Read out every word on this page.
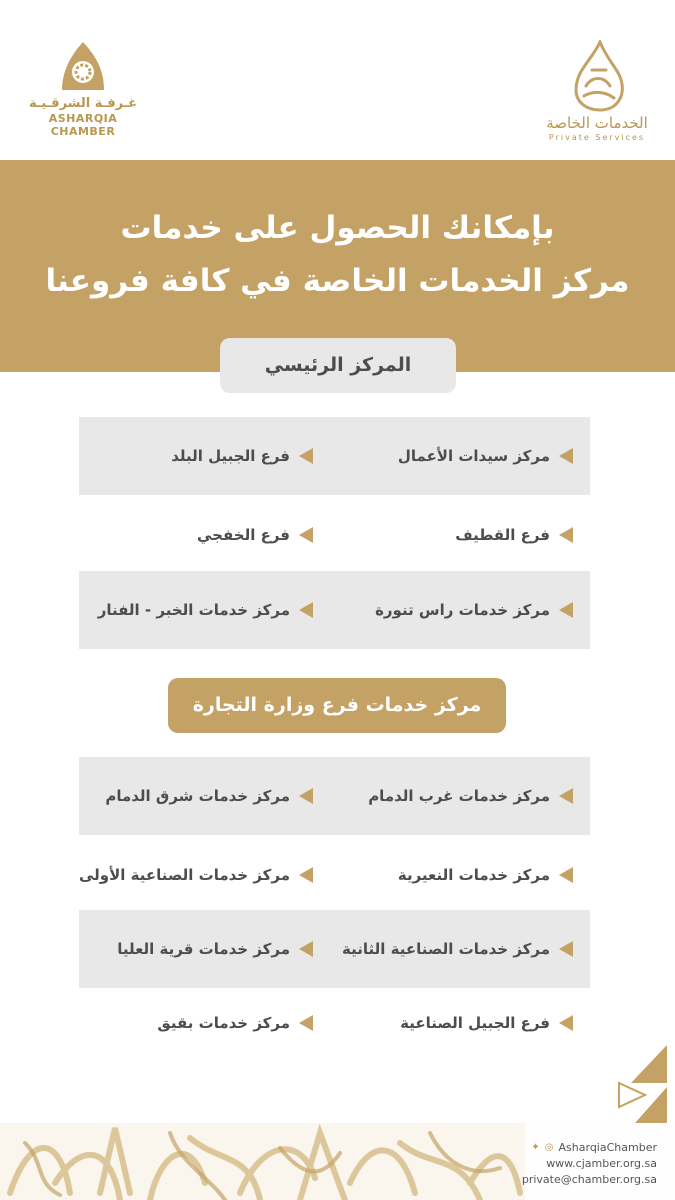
غـرفـة الشرقـيـة
ASHARQIA CHAMBER	الخدمات الخاصة
Private Services
بإمكانك الحصول على خدمات
مركز الخدمات الخاصة في كافة فروعنا
المركز الرئيسي
مركز سيدات الأعمال
فرع الجبيل البلد
فرع القطيف
فرع الخفجي
مركز خدمات راس تنورة
مركز خدمات الخبر - الفنار
مركز خدمات فرع وزارة التجارة
مركز خدمات غرب الدمام
مركز خدمات شرق الدمام
مركز خدمات النعيرية
مركز خدمات الصناعية الأولى
مركز خدمات الصناعية الثانية
مركز خدمات قرية العليا
فرع الجبيل الصناعية
مركز خدمات بقيق
✦ ◎ AsharqiaChamber
www.cjamber.org.sa
private@chamber.org.sa
